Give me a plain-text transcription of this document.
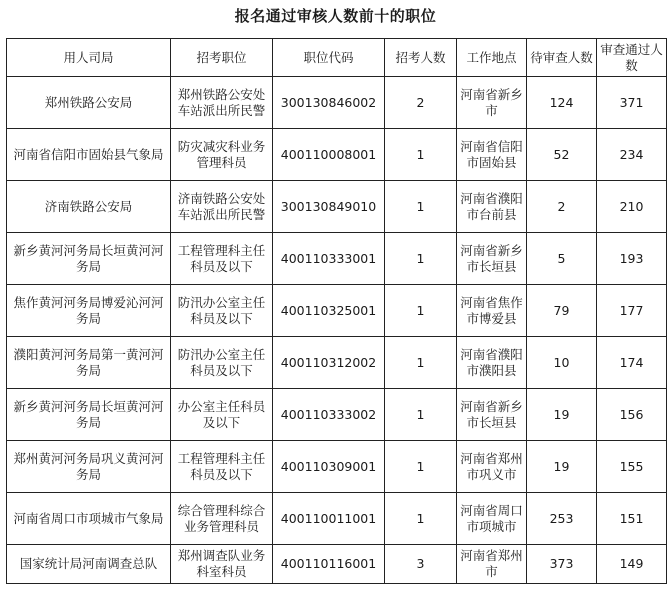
报名通过审核人数前十的职位
用人司局	招考职位	职位代码	招考人数	工作地点	待审查人数	审查通过人数
郑州铁路公安局	郑州铁路公安处车站派出所民警	300130846002	2	河南省新乡市	124	371
河南省信阳市固始县气象局	防灾减灾科业务管理科员	400110008001	1	河南省信阳市固始县	52	234
济南铁路公安局	济南铁路公安处车站派出所民警	300130849010	1	河南省濮阳市台前县	2	210
新乡黄河河务局长垣黄河河务局	工程管理科主任科员及以下	400110333001	1	河南省新乡市长垣县	5	193
焦作黄河河务局博爱沁河河务局	防汛办公室主任科员及以下	400110325001	1	河南省焦作市博爱县	79	177
濮阳黄河河务局第一黄河河务局	防汛办公室主任科员及以下	400110312002	1	河南省濮阳市濮阳县	10	174
新乡黄河河务局长垣黄河河务局	办公室主任科员及以下	400110333002	1	河南省新乡市长垣县	19	156
郑州黄河河务局巩义黄河河务局	工程管理科主任科员及以下	400110309001	1	河南省郑州市巩义市	19	155
河南省周口市项城市气象局	综合管理科综合业务管理科员	400110011001	1	河南省周口市项城市	253	151
国家统计局河南调查总队	郑州调查队业务科室科员	400110116001	3	河南省郑州市	373	149
